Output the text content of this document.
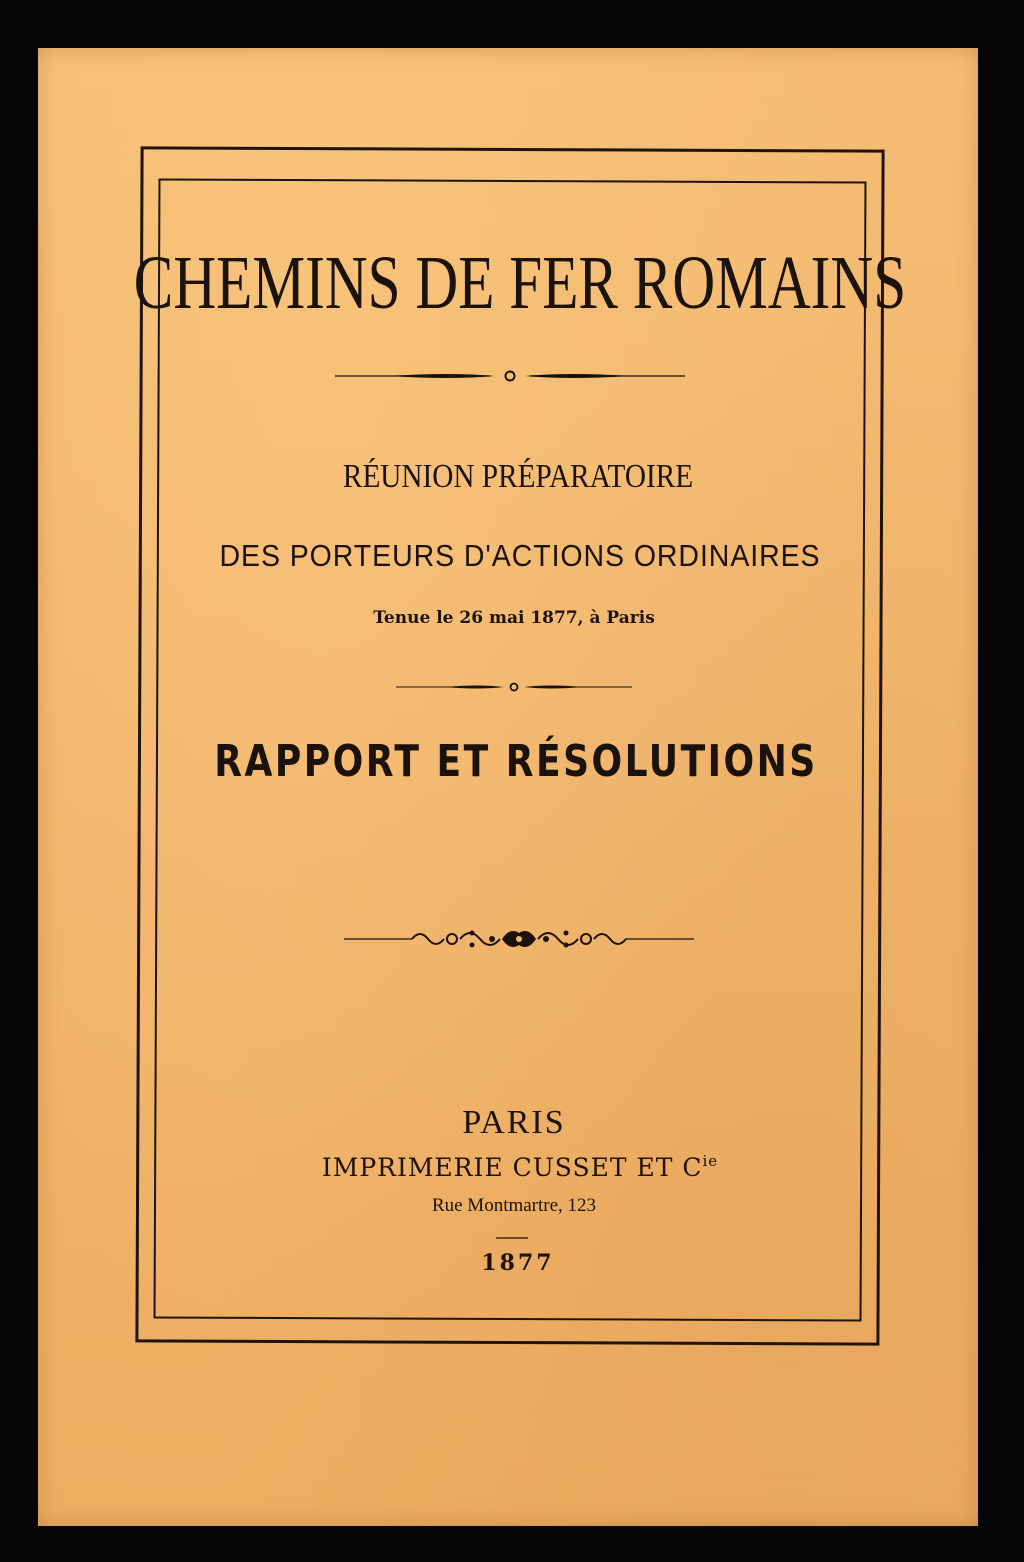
CHEMINS DE FER ROMAINS
RÉUNION PRÉPARATOIRE
DES PORTEURS D'ACTIONS ORDINAIRES
Tenue le 26 mai 1877, à Paris
RAPPORT ET RÉSOLUTIONS
PARIS
IMPRIMERIE CUSSET ET $C^{ie}$
Rue Montmartre, 123
1877
